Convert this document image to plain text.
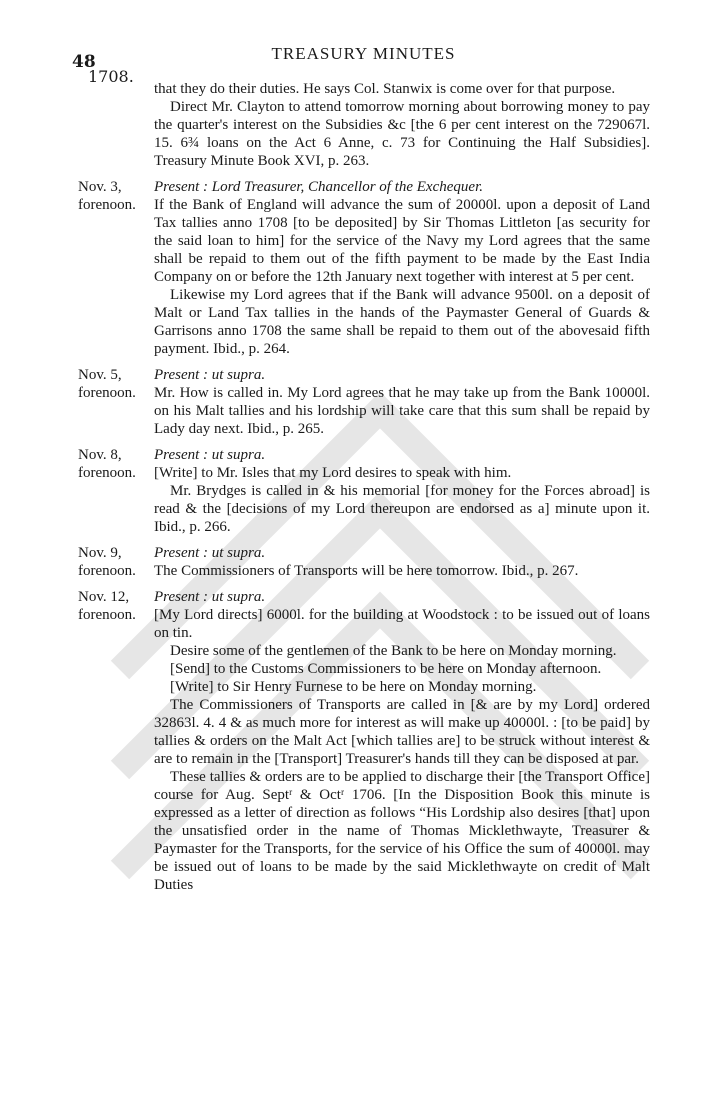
48	TREASURY MINUTES
1708.

that they do their duties. He says Col. Stanwix is come over for that purpose.

Direct Mr. Clayton to attend tomorrow morning about borrowing money to pay the quarter's interest on the Subsidies &c [the 6 per cent interest on the 729067l. 15. 6¾ loans on the Act 6 Anne, c. 73 for Continuing the Half Subsidies]. Treasury Minute Book XVI, p. 263.

Nov. 3,
forenoon.

Present : Lord Treasurer, Chancellor of the Exchequer.

If the Bank of England will advance the sum of 20000l. upon a deposit of Land Tax tallies anno 1708 [to be deposited] by Sir Thomas Littleton [as security for the said loan to him] for the service of the Navy my Lord agrees that the same shall be repaid to them out of the fifth payment to be made by the East India Company on or before the 12th January next together with interest at 5 per cent.

Likewise my Lord agrees that if the Bank will advance 9500l. on a deposit of Malt or Land Tax tallies in the hands of the Paymaster General of Guards & Garrisons anno 1708 the same shall be repaid to them out of the abovesaid fifth payment. Ibid., p. 264.

Nov. 5,
forenoon.

Present : ut supra.

Mr. How is called in. My Lord agrees that he may take up from the Bank 10000l. on his Malt tallies and his lordship will take care that this sum shall be repaid by Lady day next. Ibid., p. 265.

Nov. 8,
forenoon.

Present : ut supra.

[Write] to Mr. Isles that my Lord desires to speak with him.

Mr. Brydges is called in & his memorial [for money for the Forces abroad] is read & the [decisions of my Lord thereupon are endorsed as a] minute upon it. Ibid., p. 266.

Nov. 9,
forenoon.

Present : ut supra.

The Commissioners of Transports will be here tomorrow. Ibid., p. 267.

Nov. 12,
forenoon.

Present : ut supra.

[My Lord directs] 6000l. for the building at Woodstock : to be issued out of loans on tin.

Desire some of the gentlemen of the Bank to be here on Monday morning.

[Send] to the Customs Commissioners to be here on Monday afternoon.

[Write] to Sir Henry Furnese to be here on Monday morning.

The Commissioners of Transports are called in [& are by my Lord] ordered 32863l. 4. 4 & as much more for interest as will make up 40000l. : [to be paid] by tallies & orders on the Malt Act [which tallies are] to be struck without interest & are to remain in the [Transport] Treasurer's hands till they can be disposed at par.

These tallies & orders are to be applied to discharge their [the Transport Office] course for Aug. Septʳ & Octʳ 1706. [In the Disposition Book this minute is expressed as a letter of direction as follows “His Lordship also desires [that] upon the unsatisfied order in the name of Thomas Micklethwayte, Treasurer & Paymaster for the Transports, for the service of his Office the sum of 40000l. may be issued out of loans to be made by the said Micklethwayte on credit of Malt Duties
